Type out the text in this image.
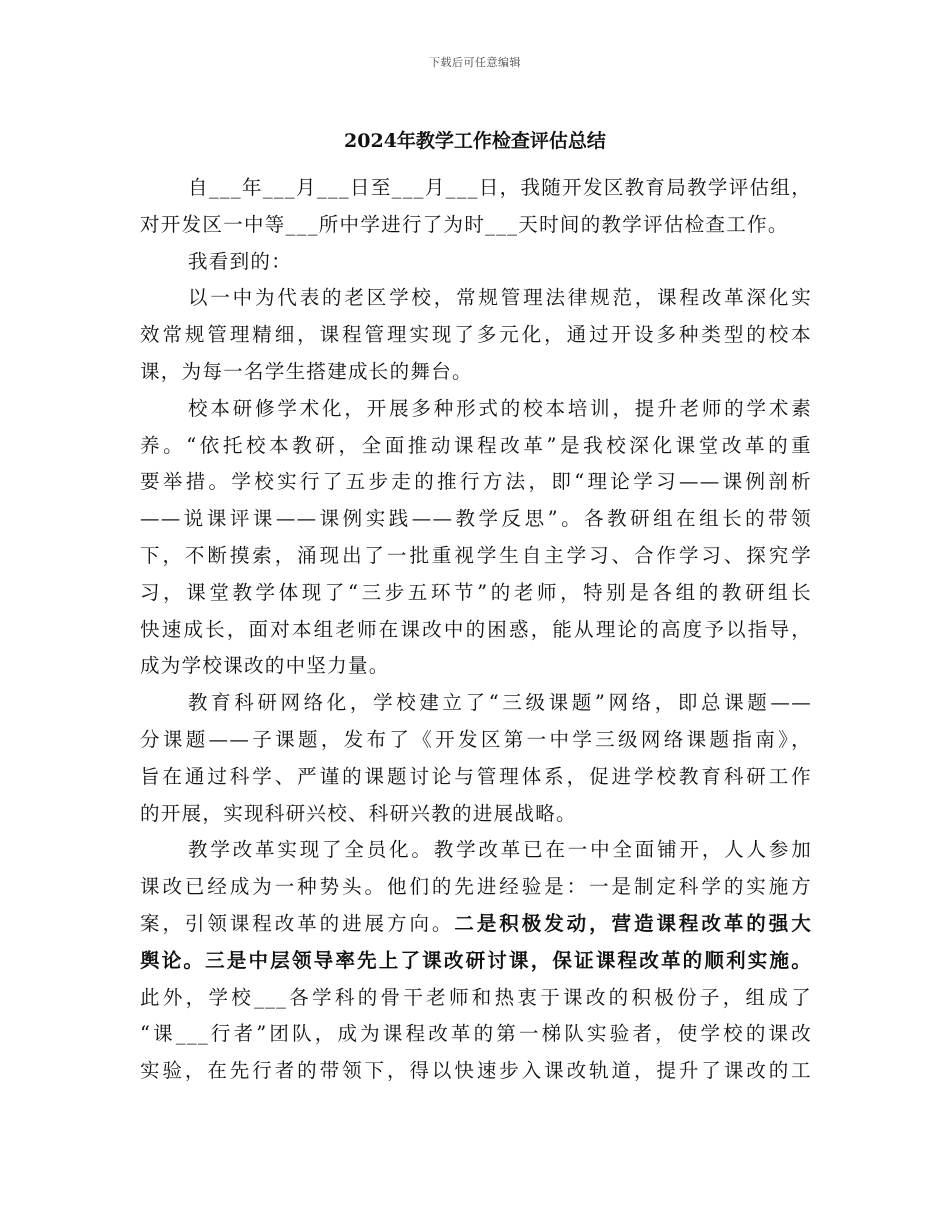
下载后可任意编辑
2024年教学工作检查评估总结
自___年___月___日至___月___日，我随开发区教育局教学评估组，
对开发区一中等___所中学进行了为时___天时间的教学评估检查工作。
我看到的：
以一中为代表的老区学校，常规管理法律规范，课程改革深化实
效常规管理精细，课程管理实现了多元化，通过开设多种类型的校本
课，为每一名学生搭建成长的舞台。
校本研修学术化，开展多种形式的校本培训，提升老师的学术素
养。“依托校本教研，全面推动课程改革”是我校深化课堂改革的重
要举措。学校实行了五步走的推行方法，即“理论学习——课例剖析
——说课评课——课例实践——教学反思”。各教研组在组长的带领
下，不断摸索，涌现出了一批重视学生自主学习、合作学习、探究学
习，课堂教学体现了“三步五环节”的老师，特别是各组的教研组长
快速成长，面对本组老师在课改中的困惑，能从理论的高度予以指导，
成为学校课改的中坚力量。
教育科研网络化，学校建立了“三级课题”网络，即总课题——
分课题——子课题，发布了《开发区第一中学三级网络课题指南》，
旨在通过科学、严谨的课题讨论与管理体系，促进学校教育科研工作
的开展，实现科研兴校、科研兴教的进展战略。
教学改革实现了全员化。教学改革已在一中全面铺开，人人参加
课改已经成为一种势头。他们的先进经验是：一是制定科学的实施方
案，引领课程改革的进展方向。二是积极发动，营造课程改革的强大
舆论。三是中层领导率先上了课改研讨课，保证课程改革的顺利实施。
此外，学校___各学科的骨干老师和热衷于课改的积极份子，组成了
“课___行者”团队，成为课程改革的第一梯队实验者，使学校的课改
实验，在先行者的带领下，得以快速步入课改轨道，提升了课改的工
